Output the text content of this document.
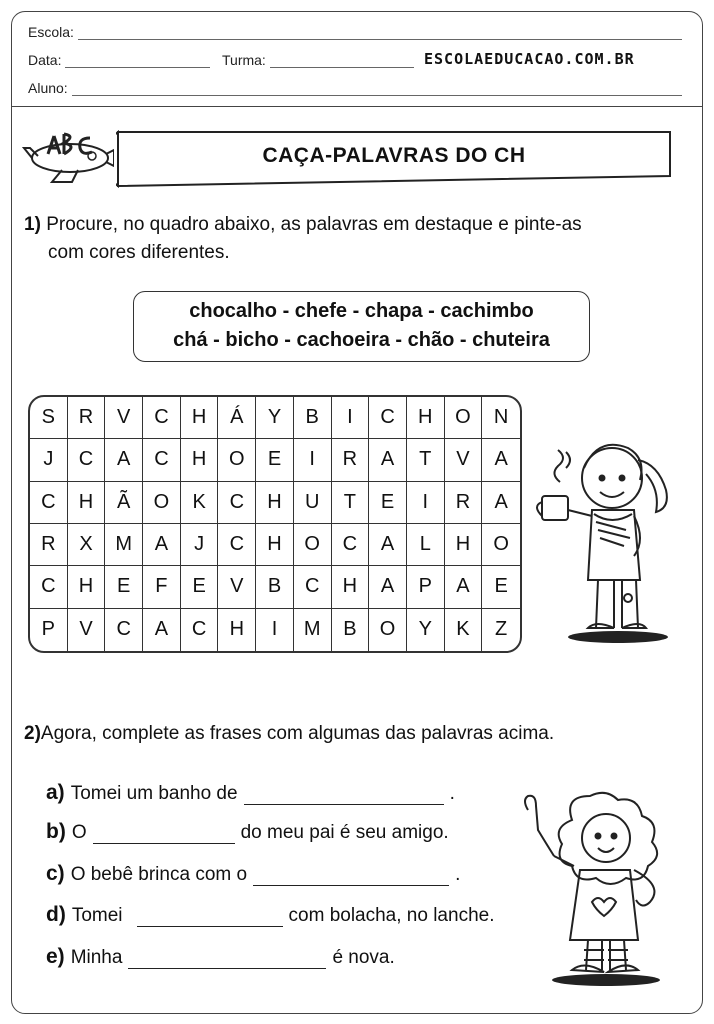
Escola:
Data:	Turma:	ESCOLAEDUCACAO.COM.BR
Aluno:
CAÇA-PALAVRAS DO CH
1) Procure, no quadro abaixo, as palavras em destaque e pinte-as
com cores diferentes.
chocalho - chefe - chapa - cachimbo
chá - bicho - cachoeira - chão - chuteira
S	R	V	C	H	Á	Y	B	I	C	H	O	N
J	C	A	C	H	O	E	I	R	A	T	V	A
C	H	Ã	O	K	C	H	U	T	E	I	R	A
R	X	M	A	J	C	H	O	C	A	L	H	O
C	H	E	F	E	V	B	C	H	A	P	A	E
P	V	C	A	C	H	I	M	B	O	Y	K	Z
2)Agora, complete as frases com algumas das palavras acima.
a) Tomei um banho de	.
b) O	do meu pai é seu amigo.
c) O bebê brinca com o	.
d) Tomei	com bolacha, no lanche.
e) Minha	é nova.
